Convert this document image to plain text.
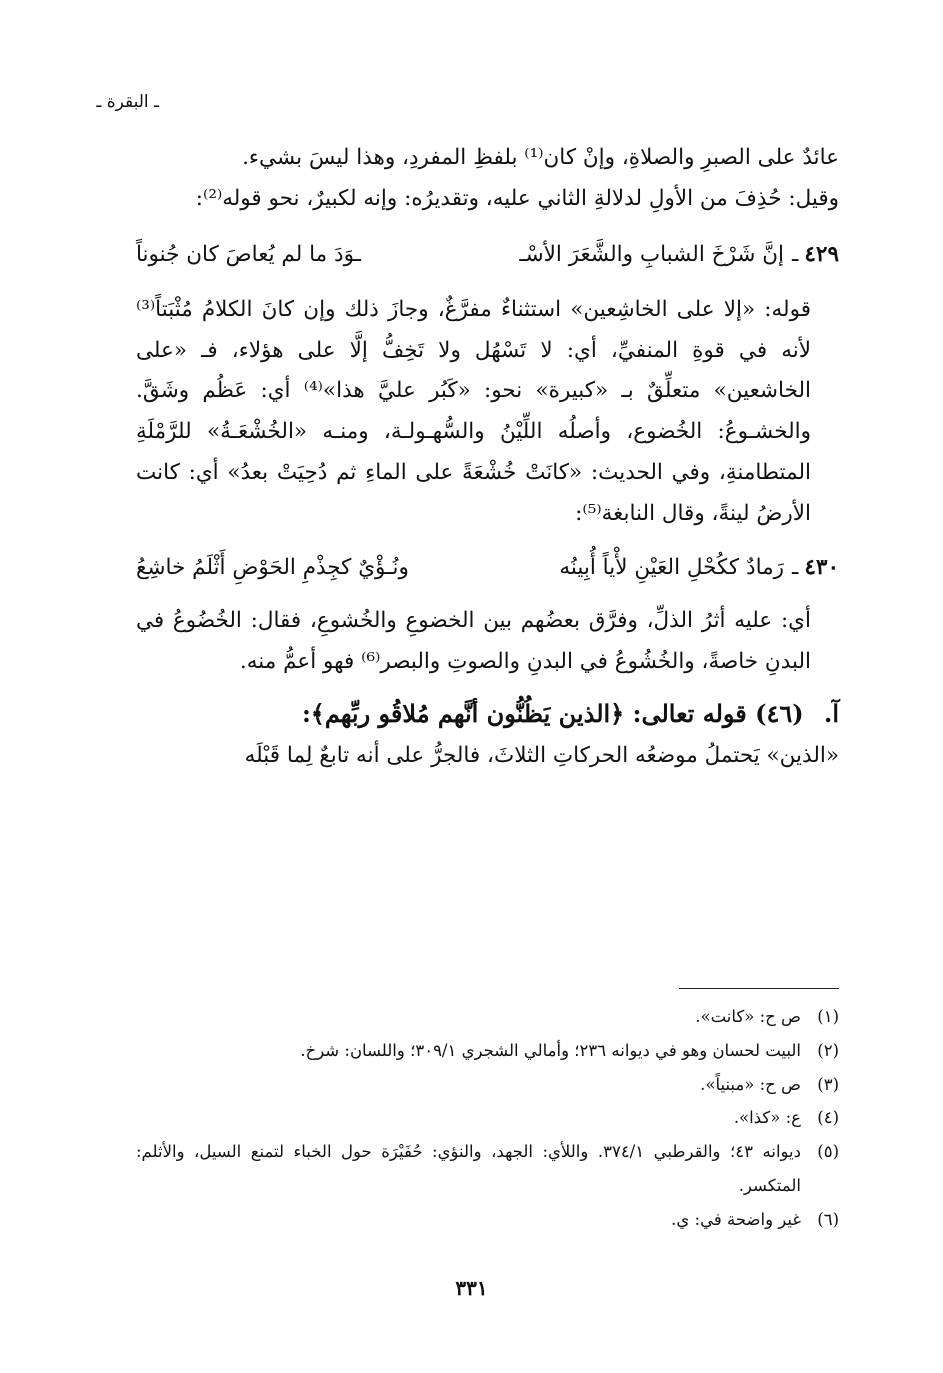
ـ البقرة ـ

عائدٌ على الصبرِ والصلاةِ، وإنْ كان⁽¹⁾ بلفظِ المفردِ، وهذا ليسَ بشيء.

وقيل: حُذِفَ من الأولِ لدلالةِ الثاني عليه، وتقديرُه: وإنه لكبيرٌ، نحو قوله⁽²⁾:

٤٢٩
ـ
إنَّ شَرْخَ الشبابِ والشَّعَرَ الأسْـ
ـوَدَ ما لم يُعاصَ كان جُنوناً

قوله: «إلا على الخاشِعين» استثناءٌ مفرَّغٌ، وجازَ ذلك وإن كانَ الكلامُ مُثْبَتاً⁽³⁾ لأنه في قوةِ المنفيِّ، أي: لا تَسْهُل ولا تَخِفُّ إلَّا على هؤلاء، فـ «على الخاشعين» متعلِّقٌ بـ «كبيرة» نحو: «كَبُر عليَّ هذا»⁽⁴⁾ أي: عَظُم وشَقَّ. والخشـوعُ: الخُضوع، وأصلُه اللِّيْنُ والسُّهـولـة، ومنـه «الخُشْعَـةُ» للرَّمْلَةِ المتطامنةِ، وفي الحديث: «كانَتْ خُشْعَةً على الماءِ ثم دُحِيَتْ بعدُ» أي: كانت الأرضُ لينةً، وقال النابغة⁽⁵⁾:

٤٣٠
ـ
رَمادٌ ككُحْلِ العَيْنِ لأْياً أُبِينُه
ونُـؤْيٌ كجِذْمِ الحَوْضِ أَثْلَمُ خاشِعُ

أي: عليه أثرُ الذلِّ، وفرَّق بعضُهم بين الخضوعِ والخُشوعِ، فقال: الخُضُوعُ في البدنِ خاصةً، والخُشُوعُ في البدنِ والصوتِ والبصر⁽⁶⁾ فهو أعمُّ منه.

آ. (٤٦) قوله تعالى: ﴿الذين يَظُنُّون أنَّهم مُلاقُو ربِّهم﴾:

«الذين» يَحتملُ موضعُه الحركاتِ الثلاثَ، فالجرُّ على أنه تابعٌ لِما قَبْلَه

(١)
ص ح: «كانت».
(٢)
البيت لحسان وهو في ديوانه ٢٣٦؛ وأمالي الشجري ٣٠٩/١؛ واللسان: شرخ.
(٣)
ص ح: «مبنياً».
(٤)
ع: «كذا».
(٥)
ديوانه ٤٣؛ والقرطبي ٣٧٤/١. واللأي: الجهد، والنؤي: حُفَيْرَة حول الخباء لتمنع السيل، والأثلم: المتكسر.
(٦)
غير واضحة في: ي.
٣٣١
